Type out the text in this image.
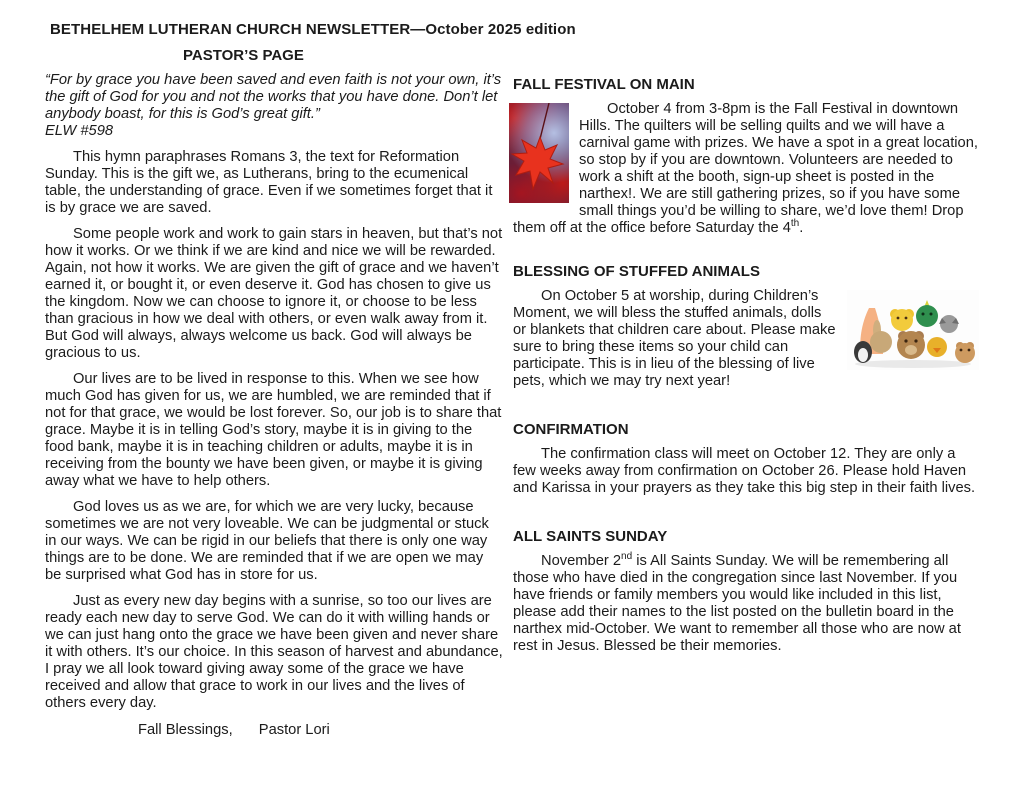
BETHELHEM LUTHERAN CHURCH NEWSLETTER—October 2025 edition
PASTOR’S PAGE

“For by grace you have been saved and even faith is not your own, it’s the gift of God for you and not the works that you have done. Don’t let anybody boast, for this is God’s great gift.”
ELW #598

This hymn paraphrases Romans 3, the text for Reformation Sunday. This is the gift we, as Lutherans, bring to the ecumenical table, the understanding of grace. Even if we sometimes forget that it is by grace we are saved.

Some people work and work to gain stars in heaven, but that’s not how it works. Or we think if we are kind and nice we will be rewarded. Again, not how it works. We are given the gift of grace and we haven’t earned it, or bought it, or even deserve it. God has chosen to give us the kingdom. Now we can choose to ignore it, or choose to be less than gracious in how we deal with others, or even walk away from it. But God will always, always welcome us back. God will always be gracious to us.

Our lives are to be lived in response to this. When we see how much God has given for us, we are humbled, we are reminded that if not for that grace, we would be lost forever. So, our job is to share that grace. Maybe it is in telling God’s story, maybe it is in giving to the food bank, maybe it is in teaching children or adults, maybe it is in receiving from the bounty we have been given, or maybe it is giving away what we have to help others.

God loves us as we are, for which we are very lucky, because sometimes we are not very loveable. We can be judgmental or stuck in our ways. We can be rigid in our beliefs that there is only one way things are to be done. We are reminded that if we are open we may be surprised what God has in store for us.

Just as every new day begins with a sunrise, so too our lives are ready each new day to serve God. We can do it with willing hands or we can just hang onto the grace we have been given and never share it with others. It’s our choice. In this season of harvest and abundance, I pray we all look toward giving away some of the grace we have received and allow that grace to work in our lives and the lives of others every day.

Fall Blessings, Pastor Lori

FALL FESTIVAL ON MAIN

October 4 from 3-8pm is the Fall Festival in downtown Hills. The quilters will be selling quilts and we will have a carnival game with prizes. We have a spot in a great location, so stop by if you are downtown. Volunteers are needed to work a shift at the booth, sign-up sheet is posted in the narthex!. We are still gathering prizes, so if you have some small things you’d be willing to share, we’d love them! Drop them off at the office before Saturday the 4th.

BLESSING OF STUFFED ANIMALS

On October 5 at worship, during Children’s Moment, we will bless the stuffed animals, dolls or blankets that children care about. Please make sure to bring these items so your child can participate. This is in lieu of the blessing of live pets, which we may try next year!

CONFIRMATION

The confirmation class will meet on October 12. They are only a few weeks away from confirmation on October 26. Please hold Haven and Karissa in your prayers as they take this big step in their faith lives.

ALL SAINTS SUNDAY

November 2nd is All Saints Sunday. We will be remembering all those who have died in the congregation since last November. If you have friends or family members you would like included in this list, please add their names to the list posted on the bulletin board in the narthex mid-October. We want to remember all those who are now at rest in Jesus. Blessed be their memories.
